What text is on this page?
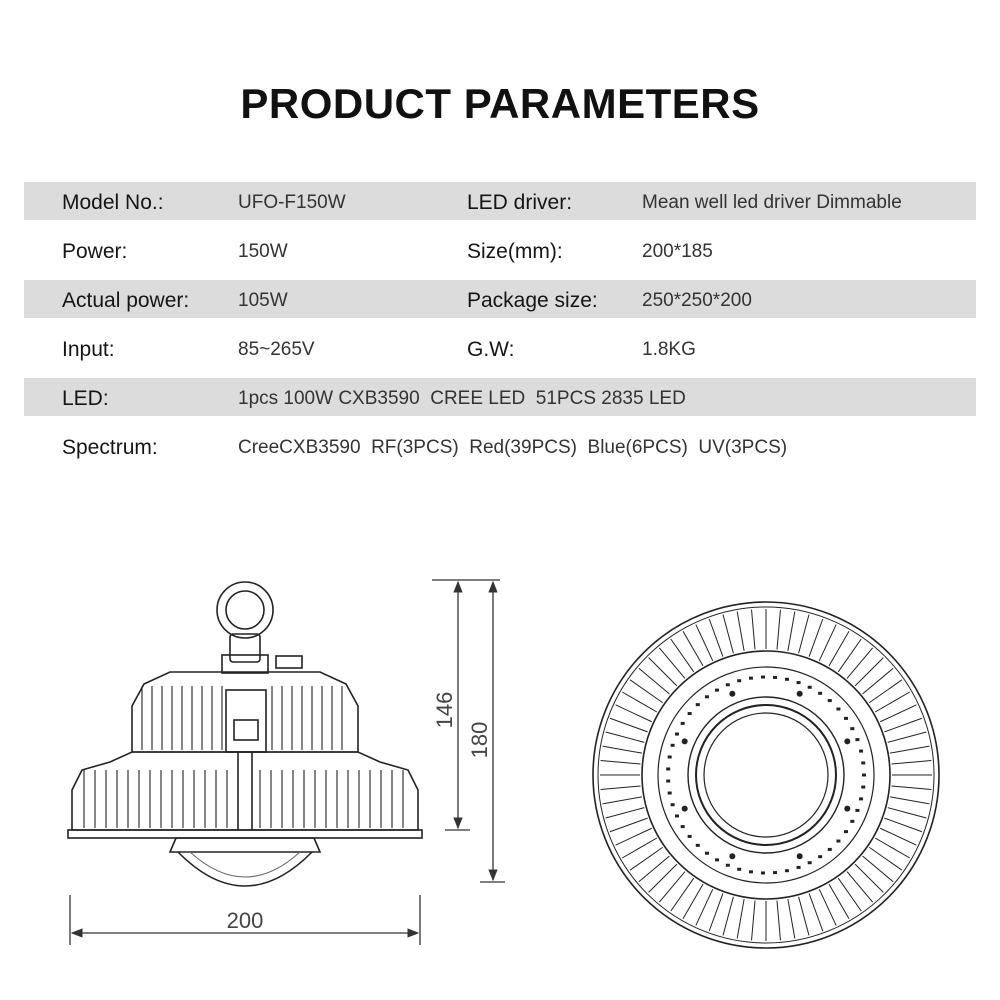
PRODUCT PARAMETERS
Model No.:	UFO-F150W	LED driver:	Mean well led driver Dimmable
Power:	150W	Size(mm):	200*185
Actual power:	105W	Package size: 250*250*200
Input:	85~265V	G.W:	1.8KG
LED:	1pcs 100W CXB3590  CREE LED  51PCS 2835 LED
Spectrum:	CreeCXB3590  RF(3PCS)  Red(39PCS)  Blue(6PCS)  UV(3PCS)
200
146
180
